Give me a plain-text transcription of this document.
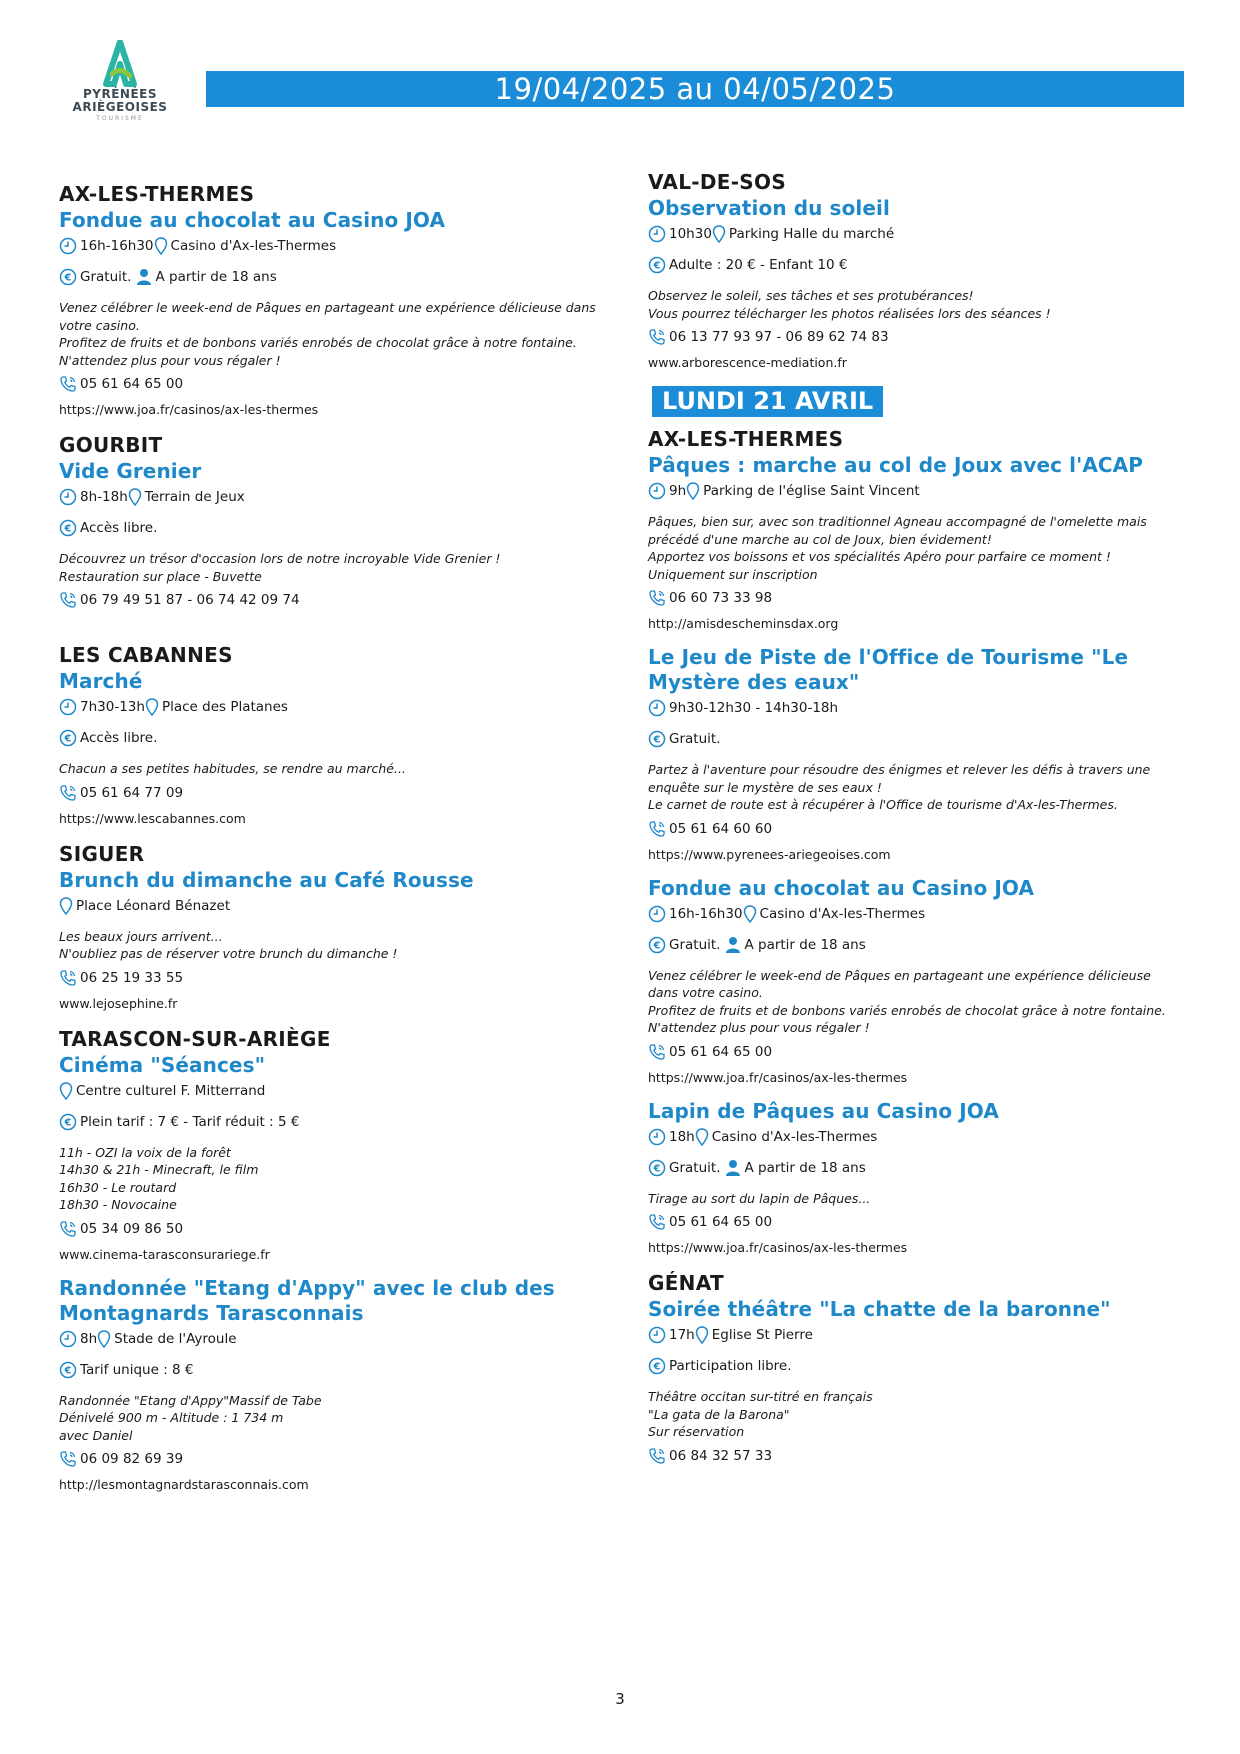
PYRÉNÉES
ARIÈGEOISES
TOURISME
19/04/2025 au 04/05/2025
AX-LES-THERMES
Fondue au chocolat au Casino JOA
16h-16h30 Casino d'Ax-les-Thermes
€ Gratuit. A partir de 18 ans
Venez célébrer le week-end de Pâques en partageant une expérience délicieuse dans votre casino.
Profitez de fruits et de bonbons variés enrobés de chocolat grâce à notre fontaine.
N'attendez plus pour vous régaler !
05 61 64 65 00
https://www.joa.fr/casinos/ax-les-thermes
GOURBIT
Vide Grenier
8h-18h Terrain de Jeux
€ Accès libre.
Découvrez un trésor d'occasion lors de notre incroyable Vide Grenier !
Restauration sur place - Buvette
06 79 49 51 87 - 06 74 42 09 74
LES CABANNES
Marché
7h30-13h Place des Platanes
€ Accès libre.
Chacun a ses petites habitudes, se rendre au marché...
05 61 64 77 09
https://www.lescabannes.com
SIGUER
Brunch du dimanche au Café Rousse
Place Léonard Bénazet
Les beaux jours arrivent...
N'oubliez pas de réserver votre brunch du dimanche !
06 25 19 33 55
www.lejosephine.fr
TARASCON-SUR-ARIÈGE
Cinéma "Séances"
Centre culturel F. Mitterrand
€ Plein tarif : 7 € - Tarif réduit : 5 €
11h - OZI la voix de la forêt
14h30 & 21h - Minecraft, le film
16h30 - Le routard
18h30 - Novocaine
05 34 09 86 50
www.cinema-tarasconsurariege.fr
Randonnée "Etang d'Appy" avec le club des Montagnards Tarasconnais
8h Stade de l'Ayroule
€ Tarif unique : 8 €
Randonnée "Etang d'Appy"Massif de Tabe
Dénivelé 900 m - Altitude : 1 734 m
avec Daniel
06 09 82 69 39
http://lesmontagnardstarasconnais.com
VAL-DE-SOS
Observation du soleil
10h30 Parking Halle du marché
€ Adulte : 20 € - Enfant 10 €
Observez le soleil, ses tâches et ses protubérances!
Vous pourrez télécharger les photos réalisées lors des séances !
06 13 77 93 97 - 06 89 62 74 83
www.arborescence-mediation.fr
LUNDI 21 AVRIL
AX-LES-THERMES
Pâques : marche au col de Joux avec l'ACAP
9h Parking de l'église Saint Vincent
Pâques, bien sur, avec son traditionnel Agneau accompagné de l'omelette mais précédé d'une marche au col de Joux, bien évidement!
Apportez vos boissons et vos spécialités Apéro pour parfaire ce moment !
Uniquement sur inscription
06 60 73 33 98
http://amisdescheminsdax.org
Le Jeu de Piste de l'Office de Tourisme "Le Mystère des eaux"
9h30-12h30 - 14h30-18h
€ Gratuit.
Partez à l'aventure pour résoudre des énigmes et relever les défis à travers une enquête sur le mystère de ses eaux !
Le carnet de route est à récupérer à l'Office de tourisme d'Ax-les-Thermes.
05 61 64 60 60
https://www.pyrenees-ariegeoises.com
Fondue au chocolat au Casino JOA
16h-16h30 Casino d'Ax-les-Thermes
€ Gratuit. A partir de 18 ans
Venez célébrer le week-end de Pâques en partageant une expérience délicieuse dans votre casino.
Profitez de fruits et de bonbons variés enrobés de chocolat grâce à notre fontaine.
N'attendez plus pour vous régaler !
05 61 64 65 00
https://www.joa.fr/casinos/ax-les-thermes
Lapin de Pâques au Casino JOA
18h Casino d'Ax-les-Thermes
€ Gratuit. A partir de 18 ans
Tirage au sort du lapin de Pâques...
05 61 64 65 00
https://www.joa.fr/casinos/ax-les-thermes
GÉNAT
Soirée théâtre "La chatte de la baronne"
17h Eglise St Pierre
€ Participation libre.
Théâtre occitan sur-titré en français
"La gata de la Barona"
Sur réservation
06 84 32 57 33
3
